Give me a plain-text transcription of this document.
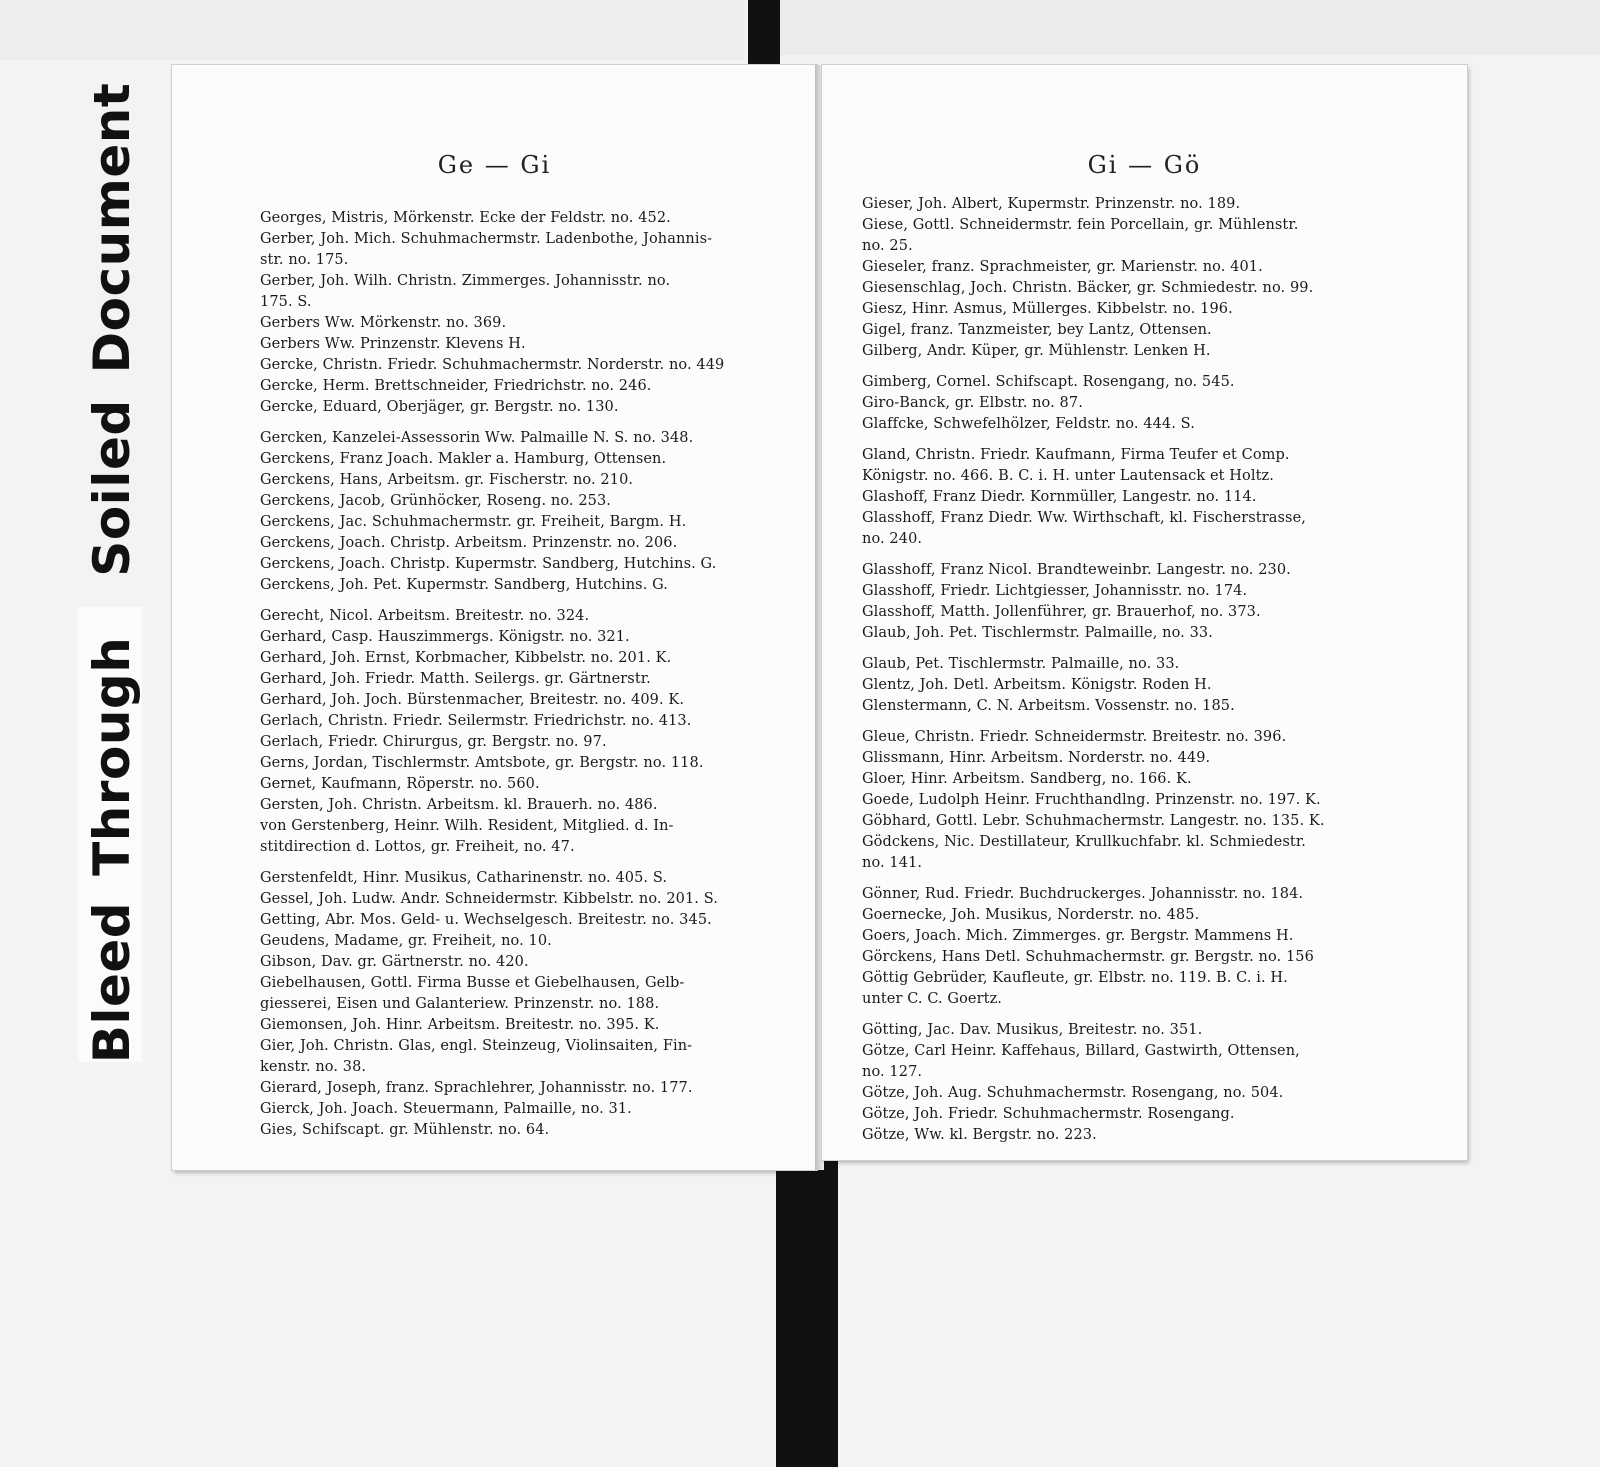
BleedThroughSoiledDocument	Ge — Gi
Georges, Mistris, Mörkenstr. Ecke der Feldstr. no. 452.
Gerber, Joh. Mich. Schuhmachermstr. Ladenbothe, Johannis-
str. no. 175.
Gerber, Joh. Wilh. Christn. Zimmerges. Johannisstr. no.
175. S.
Gerbers Ww. Mörkenstr. no. 369.
Gerbers Ww. Prinzenstr. Klevens H.
Gercke, Christn. Friedr. Schuhmachermstr. Norderstr. no. 449
Gercke, Herm. Brettschneider, Friedrichstr. no. 246.
Gercke, Eduard, Oberjäger, gr. Bergstr. no. 130.
Gercken, Kanzelei-Assessorin Ww. Palmaille N. S. no. 348.
Gerckens, Franz Joach. Makler a. Hamburg, Ottensen.
Gerckens, Hans, Arbeitsm. gr. Fischerstr. no. 210.
Gerckens, Jacob, Grünhöcker, Roseng. no. 253.
Gerckens, Jac. Schuhmachermstr. gr. Freiheit, Bargm. H.
Gerckens, Joach. Christp. Arbeitsm. Prinzenstr. no. 206.
Gerckens, Joach. Christp. Kupermstr. Sandberg, Hutchins. G.
Gerckens, Joh. Pet. Kupermstr. Sandberg, Hutchins. G.
Gerecht, Nicol. Arbeitsm. Breitestr. no. 324.
Gerhard, Casp. Hauszimmergs. Königstr. no. 321.
Gerhard, Joh. Ernst, Korbmacher, Kibbelstr. no. 201. K.
Gerhard, Joh. Friedr. Matth. Seilergs. gr. Gärtnerstr.
Gerhard, Joh. Joch. Bürstenmacher, Breitestr. no. 409. K.
Gerlach, Christn. Friedr. Seilermstr. Friedrichstr. no. 413.
Gerlach, Friedr. Chirurgus, gr. Bergstr. no. 97.
Gerns, Jordan, Tischlermstr. Amtsbote, gr. Bergstr. no. 118.
Gernet, Kaufmann, Röperstr. no. 560.
Gersten, Joh. Christn. Arbeitsm. kl. Brauerh. no. 486.
von Gerstenberg, Heinr. Wilh. Resident, Mitglied. d. In-
stitdirection d. Lottos, gr. Freiheit, no. 47.
Gerstenfeldt, Hinr. Musikus, Catharinenstr. no. 405. S.
Gessel, Joh. Ludw. Andr. Schneidermstr. Kibbelstr. no. 201. S.
Getting, Abr. Mos. Geld- u. Wechselgesch. Breitestr. no. 345.
Geudens, Madame, gr. Freiheit, no. 10.
Gibson, Dav. gr. Gärtnerstr. no. 420.
Giebelhausen, Gottl. Firma Busse et Giebelhausen, Gelb-
giesserei, Eisen und Galanteriew. Prinzenstr. no. 188.
Giemonsen, Joh. Hinr. Arbeitsm. Breitestr. no. 395. K.
Gier, Joh. Christn. Glas, engl. Steinzeug, Violinsaiten, Fin-
kenstr. no. 38.
Gierard, Joseph, franz. Sprachlehrer, Johannisstr. no. 177.
Gierck, Joh. Joach. Steuermann, Palmaille, no. 31.
Gies, Schifscapt. gr. Mühlenstr. no. 64.
Gi — Gö
Gieser, Joh. Albert, Kupermstr. Prinzenstr. no. 189.
Giese, Gottl. Schneidermstr. fein Porcellain, gr. Mühlenstr.
no. 25.
Gieseler, franz. Sprachmeister, gr. Marienstr. no. 401.
Giesenschlag, Joch. Christn. Bäcker, gr. Schmiedestr. no. 99.
Giesz, Hinr. Asmus, Müllerges. Kibbelstr. no. 196.
Gigel, franz. Tanzmeister, bey Lantz, Ottensen.
Gilberg, Andr. Küper, gr. Mühlenstr. Lenken H.
Gimberg, Cornel. Schifscapt. Rosengang, no. 545.
Giro-Banck, gr. Elbstr. no. 87.
Glaffcke, Schwefelhölzer, Feldstr. no. 444. S.
Gland, Christn. Friedr. Kaufmann, Firma Teufer et Comp.
Königstr. no. 466. B. C. i. H. unter Lautensack et Holtz.
Glashoff, Franz Diedr. Kornmüller, Langestr. no. 114.
Glasshoff, Franz Diedr. Ww. Wirthschaft, kl. Fischerstrasse,
no. 240.
Glasshoff, Franz Nicol. Brandteweinbr. Langestr. no. 230.
Glasshoff, Friedr. Lichtgiesser, Johannisstr. no. 174.
Glasshoff, Matth. Jollenführer, gr. Brauerhof, no. 373.
Glaub, Joh. Pet. Tischlermstr. Palmaille, no. 33.
Glaub, Pet. Tischlermstr. Palmaille, no. 33.
Glentz, Joh. Detl. Arbeitsm. Königstr. Roden H.
Glenstermann, C. N. Arbeitsm. Vossenstr. no. 185.
Gleue, Christn. Friedr. Schneidermstr. Breitestr. no. 396.
Glissmann, Hinr. Arbeitsm. Norderstr. no. 449.
Gloer, Hinr. Arbeitsm. Sandberg, no. 166. K.
Goede, Ludolph Heinr. Fruchthandlng. Prinzenstr. no. 197. K.
Göbhard, Gottl. Lebr. Schuhmachermstr. Langestr. no. 135. K.
Gödckens, Nic. Destillateur, Krullkuchfabr. kl. Schmiedestr.
no. 141.
Gönner, Rud. Friedr. Buchdruckerges. Johannisstr. no. 184.
Goernecke, Joh. Musikus, Norderstr. no. 485.
Goers, Joach. Mich. Zimmerges. gr. Bergstr. Mammens H.
Görckens, Hans Detl. Schuhmachermstr. gr. Bergstr. no. 156
Göttig Gebrüder, Kaufleute, gr. Elbstr. no. 119. B. C. i. H.
unter C. C. Goertz.
Götting, Jac. Dav. Musikus, Breitestr. no. 351.
Götze, Carl Heinr. Kaffehaus, Billard, Gastwirth, Ottensen,
no. 127.
Götze, Joh. Aug. Schuhmachermstr. Rosengang, no. 504.
Götze, Joh. Friedr. Schuhmachermstr. Rosengang.
Götze, Ww. kl. Bergstr. no. 223.
